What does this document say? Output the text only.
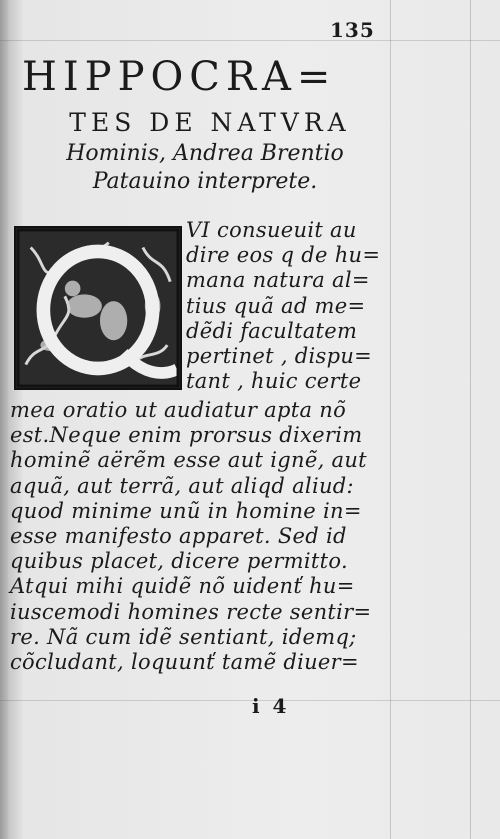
135
HIPPOCRA=
TES DE NATVRA
Hominis, Andrea Brentio
Patauino interprete.
VI consueuit au
dire eos q de hu=
mana natura al=
tius quã ad me=
dẽdi facultatem
pertinet , dispu=
tant , huic certe
mea oratio ut audiatur apta nõ
est.Neque enim prorsus dixerim
hominẽ aërẽm esse aut ignẽ, aut
aquã, aut terrã, aut aliqd aliud:
quod minime unũ in homine in=
esse manifesto apparet. Sed id
quibus placet, dicere permitto.
Atqui mihi quidẽ nõ uidenť hu=
iuscemodi homines recte sentir=
re. Nã cum idẽ sentiant, idemq;
cõcludant, loquunť tamẽ diuer=
i 4
